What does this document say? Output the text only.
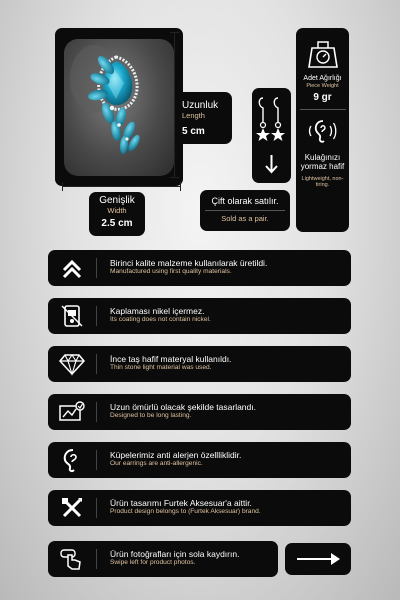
Uzunluk
Length
5 cm
Genişlik
Width
2.5 cm
Çift olarak satılır.
Sold as a pair.
Adet Ağırlığı
Piece Weight
9 gr
Kulağınızı yormaz hafif
Lightweight, non-tiring.
Birinci kalite malzeme kullanılarak üretildi.
Manufactured using first quality materials.
Kaplaması nikel içermez.
Its coating does not contain nickel.
İnce taş hafif materyal kullanıldı.
Thin stone light material was used.
Uzun ömürlü olacak şekilde tasarlandı.
Designed to be long lasting.
Küpelerimiz anti alerjen özellliklidir.
Our earrings are anti-allergenic.
Ürün tasarımı Furtek Aksesuar'a aittir.
Product design belongs to (Furtek Aksesuar) brand.
Ürün fotoğrafları için sola kaydırın.
Swipe left for product photos.
